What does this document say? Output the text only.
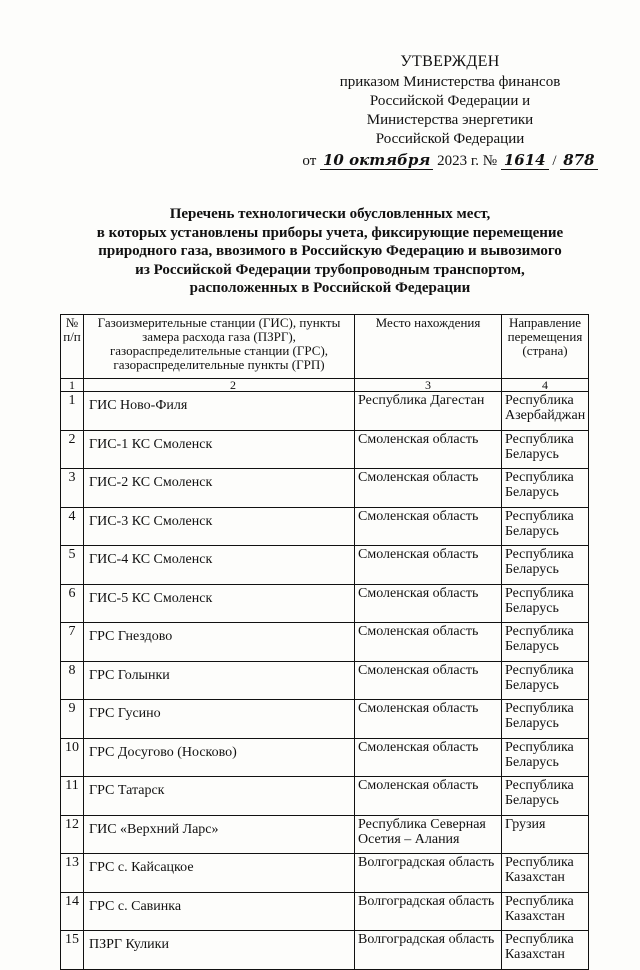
УТВЕРЖДЕН
приказом Министерства финансов
Российской Федерации и
Министерства энергетики
Российской Федерации
от 10 октября 2023 г. № 1614 / 878
Перечень технологически обусловленных мест,
в которых установлены приборы учета, фиксирующие перемещение
природного газа, ввозимого в Российскую Федерацию и вывозимого
из Российской Федерации трубопроводным транспортом,
расположенных в Российской Федерации
№ п/п	Газоизмерительные станции (ГИС), пункты замера расхода газа (ПЗРГ), газораспределительные станции (ГРС), газораспределительные пункты (ГРП)	Место нахождения	Направление перемещения (страна)
1	2	3	4
1	ГИС Ново-Филя	Республика Дагестан	Республика Азербайджан
2	ГИС-1 КС Смоленск	Смоленская область	Республика Беларусь
3	ГИС-2 КС Смоленск	Смоленская область	Республика Беларусь
4	ГИС-3 КС Смоленск	Смоленская область	Республика Беларусь
5	ГИС-4 КС Смоленск	Смоленская область	Республика Беларусь
6	ГИС-5 КС Смоленск	Смоленская область	Республика Беларусь
7	ГРС Гнездово	Смоленская область	Республика Беларусь
8	ГРС Голынки	Смоленская область	Республика Беларусь
9	ГРС Гусино	Смоленская область	Республика Беларусь
10	ГРС Досугово (Носково)	Смоленская область	Республика Беларусь
11	ГРС Татарск	Смоленская область	Республика Беларусь
12	ГИС «Верхний Ларс»	Республика Северная Осетия – Алания	Грузия
13	ГРС с. Кайсацкое	Волгоградская область	Республика Казахстан
14	ГРС с. Савинка	Волгоградская область	Республика Казахстан
15	ПЗРГ Кулики	Волгоградская область	Республика Казахстан
